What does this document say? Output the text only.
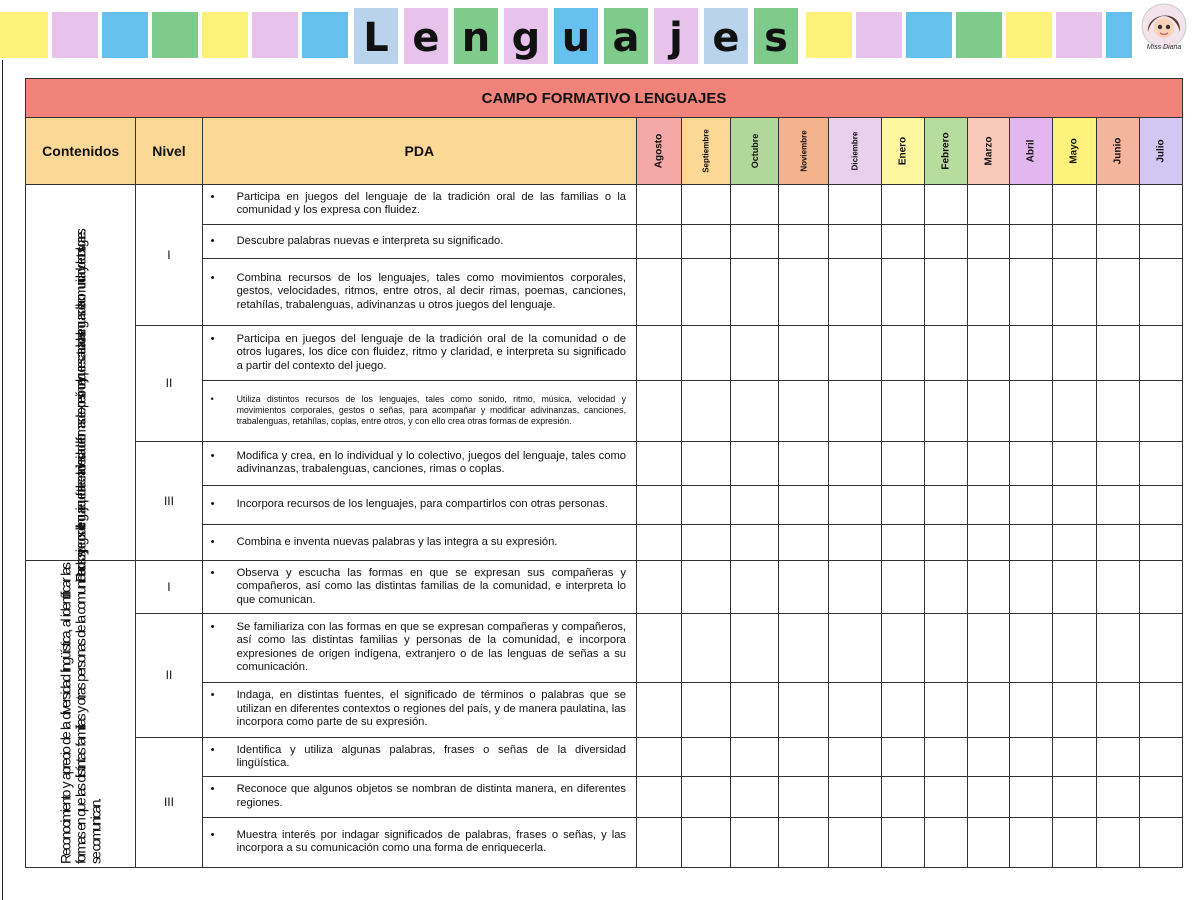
L e n g u a j e s	Miss Diana
CAMPO FORMATIVO LENGUAJES														
Contenidos	Nivel	PDA	Agosto	Septiembre	Octubre	Noviembre	Diciembre	Enero	Febrero	Marzo	Abril	Mayo	Junio	Julio

Recursos y juegos del lenguaje que fortalecen la diversidad de formas de expresión oral, y que rescatan la o las lenguas de la comunidad y de otros lugares.	I	• Participa en juegos del lenguaje de la tradición oral de las familias o la comunidad y los expresa con fluidez.												

		• Descubre palabras nuevas e interpreta su significado.												

		• Combina recursos de los lenguajes, tales como movimientos corporales, gestos, velocidades, ritmos, entre otros, al decir rimas, poemas, canciones, retahílas, trabalenguas, adivinanzas u otros juegos del lenguaje.												

	II	• Participa en juegos del lenguaje de la tradición oral de la comunidad o de otros lugares, los dice con fluidez, ritmo y claridad, e interpreta su significado a partir del contexto del juego.												

		• Utiliza distintos recursos de los lenguajes, tales como sonido, ritmo, música, velocidad y movimientos corporales, gestos o señas, para acompañar y modificar adivinanzas, canciones, trabalenguas, retahílas, coplas, entre otros, y con ello crea otras formas de expresión.												

	III	• Modifica y crea, en lo individual y lo colectivo, juegos del lenguaje, tales como adivinanzas, trabalenguas, canciones, rimas o coplas.												

		• Incorpora recursos de los lenguajes, para compartirlos con otras personas.												

		• Combina e inventa nuevas palabras y las integra a su expresión.												

Reconocimiento y aprecio de la diversidad lingüística, al identificar las formas en que las distintas familias y otras personas de la comunidad se comunican.	I	• Observa y escucha las formas en que se expresan sus compañeras y compañeros, así como las distintas familias de la comunidad, e interpreta lo que comunican.												

	II	• Se familiariza con las formas en que se expresan compañeras y compañeros, así como las distintas familias y personas de la comunidad, e incorpora expresiones de origen indígena, extranjero o de las lenguas de señas a su comunicación.												

		• Indaga, en distintas fuentes, el significado de términos o palabras que se utilizan en diferentes contextos o regiones del país, y de manera paulatina, las incorpora como parte de su expresión.												

	III	• Identifica y utiliza algunas palabras, frases o señas de la diversidad lingüística.												

		• Reconoce que algunos objetos se nombran de distinta manera, en diferentes regiones.												

		• Muestra interés por indagar significados de palabras, frases o señas, y las incorpora a su comunicación como una forma de enriquecerla.												
